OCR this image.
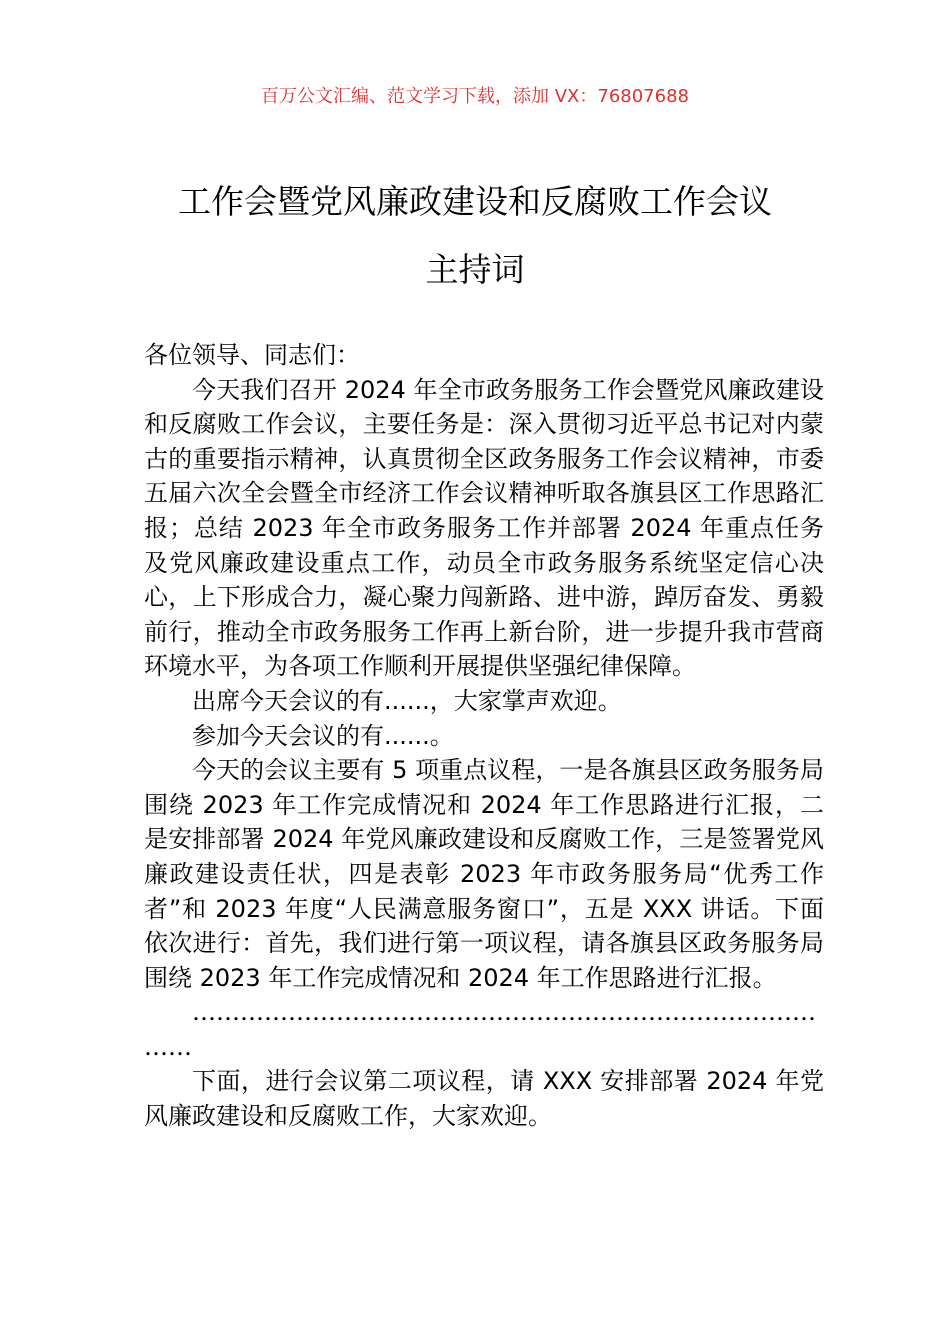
百万公文汇编、范文学习下载，添加 VX：76807688
工作会暨党风廉政建设和反腐败工作会议
主持词

各位领导、同志们：

今天我们召开 2024 年全市政务服务工作会暨党风廉政建设和反腐败工作会议，主要任务是：深入贯彻习近平总书记对内蒙古的重要指示精神，认真贯彻全区政务服务工作会议精神，市委五届六次全会暨全市经济工作会议精神听取各旗县区工作思路汇报；总结 2023 年全市政务服务工作并部署 2024 年重点任务及党风廉政建设重点工作，动员全市政务服务系统坚定信心决心，上下形成合力，凝心聚力闯新路、进中游，踔厉奋发、勇毅前行，推动全市政务服务工作再上新台阶，进一步提升我市营商环境水平，为各项工作顺利开展提供坚强纪律保障。

出席今天会议的有......，大家掌声欢迎。

参加今天会议的有......。

今天的会议主要有 5 项重点议程，一是各旗县区政务服务局围绕 2023 年工作完成情况和 2024 年工作思路进行汇报，二是安排部署 2024 年党风廉政建设和反腐败工作，三是签署党风廉政建设责任状，四是表彰 2023 年市政务服务局“优秀工作者”和 2023 年度“人民满意服务窗口”，五是 XXX 讲话。下面依次进行：首先，我们进行第一项议程，请各旗县区政务服务局围绕 2023 年工作完成情况和 2024 年工作思路进行汇报。

…………………………………………………………………………

下面，进行会议第二项议程，请 XXX 安排部署 2024 年党风廉政建设和反腐败工作，大家欢迎。
